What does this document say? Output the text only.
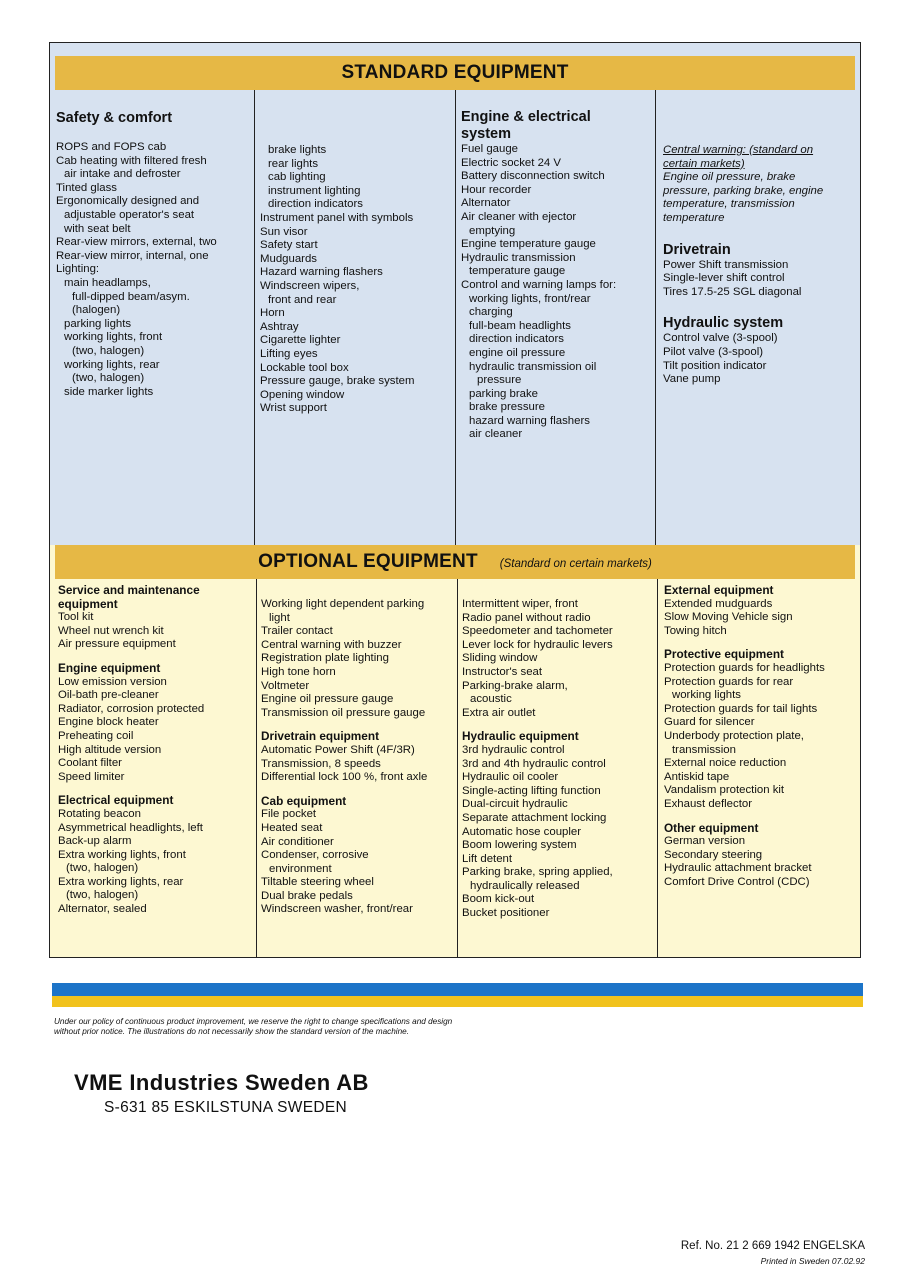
STANDARD EQUIPMENT
OPTIONAL EQUIPMENT (Standard on certain markets)
Safety & comfort
ROPS and FOPS cab
Cab heating with filtered fresh
air intake and defroster
Tinted glass
Ergonomically designed and
adjustable operator's seat
with seat belt
Rear-view mirrors, external, two
Rear-view mirror, internal, one
Lighting:
main headlamps,
full-dipped beam/asym.
(halogen)
parking lights
working lights, front
(two, halogen)
working lights, rear
(two, halogen)
side marker lights
brake lights
rear lights
cab lighting
instrument lighting
direction indicators
Instrument panel with symbols
Sun visor
Safety start
Mudguards
Hazard warning flashers
Windscreen wipers,
front and rear
Horn
Ashtray
Cigarette lighter
Lifting eyes
Lockable tool box
Pressure gauge, brake system
Opening window
Wrist support
Engine & electrical
system
Fuel gauge
Electric socket 24 V
Battery disconnection switch
Hour recorder
Alternator
Air cleaner with ejector
emptying
Engine temperature gauge
Hydraulic transmission
temperature gauge
Control and warning lamps for:
working lights, front/rear
charging
full-beam headlights
direction indicators
engine oil pressure
hydraulic transmission oil
pressure
parking brake
brake pressure
hazard warning flashers
air cleaner
Central warning: (standard on
certain markets)
Engine oil pressure, brake
pressure, parking brake, engine
temperature, transmission
temperature
Drivetrain
Power Shift transmission
Single-lever shift control
Tires 17.5-25 SGL diagonal
Hydraulic system
Control valve (3-spool)
Pilot valve (3-spool)
Tilt position indicator
Vane pump
Service and maintenance
equipment
Tool kit
Wheel nut wrench kit
Air pressure equipment
Engine equipment
Low emission version
Oil-bath pre-cleaner
Radiator, corrosion protected
Engine block heater
Preheating coil
High altitude version
Coolant filter
Speed limiter
Electrical equipment
Rotating beacon
Asymmetrical headlights, left
Back-up alarm
Extra working lights, front
(two, halogen)
Extra working lights, rear
(two, halogen)
Alternator, sealed
Working light dependent parking
light
Trailer contact
Central warning with buzzer
Registration plate lighting
High tone horn
Voltmeter
Engine oil pressure gauge
Transmission oil pressure gauge
Drivetrain equipment
Automatic Power Shift (4F/3R)
Transmission, 8 speeds
Differential lock 100 %, front axle
Cab equipment
File pocket
Heated seat
Air conditioner
Condenser, corrosive
environment
Tiltable steering wheel
Dual brake pedals
Windscreen washer, front/rear
Intermittent wiper, front
Radio panel without radio
Speedometer and tachometer
Lever lock for hydraulic levers
Sliding window
Instructor's seat
Parking-brake alarm,
acoustic
Extra air outlet
Hydraulic equipment
3rd hydraulic control
3rd and 4th hydraulic control
Hydraulic oil cooler
Single-acting lifting function
Dual-circuit hydraulic
Separate attachment locking
Automatic hose coupler
Boom lowering system
Lift detent
Parking brake, spring applied,
hydraulically released
Boom kick-out
Bucket positioner
External equipment
Extended mudguards
Slow Moving Vehicle sign
Towing hitch
Protective equipment
Protection guards for headlights
Protection guards for rear
working lights
Protection guards for tail lights
Guard for silencer
Underbody protection plate,
transmission
External noice reduction
Antiskid tape
Vandalism protection kit
Exhaust deflector
Other equipment
German version
Secondary steering
Hydraulic attachment bracket
Comfort Drive Control (CDC)
Under our policy of continuous product improvement, we reserve the right to change specifications and design without prior notice. The illustrations do not necessarily show the standard version of the machine.
VME Industries Sweden AB
S-631 85 ESKILSTUNA SWEDEN
Ref. No. 21 2 669 1942 ENGELSKA
Printed in Sweden 07.02.92
